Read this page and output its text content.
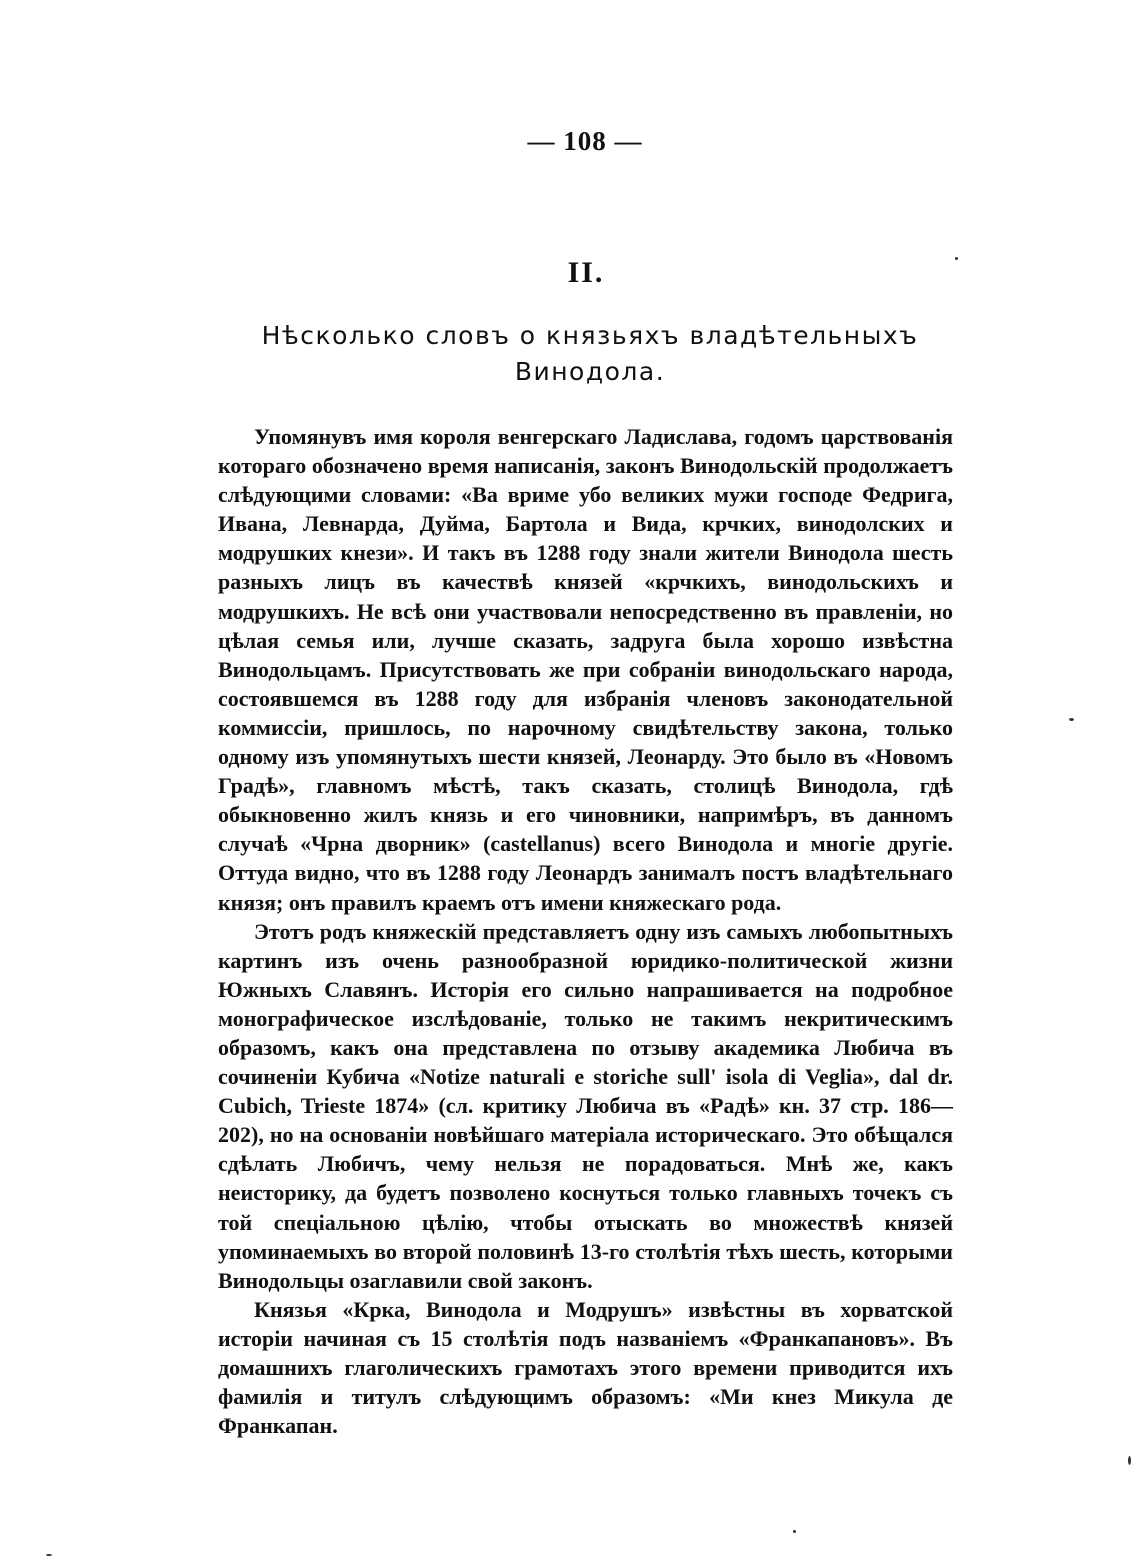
— 108 —
II.
Нѣсколько словъ о князьяхъ владѣтельныхъ Винодола.

Упомянувъ имя короля венгерскаго Ладислава, годомъ царствованія котораго обозначено время написанія, законъ Винодольскій продолжаетъ слѣдующими словами: «Ва вриме убо великих мужи господе Федрига, Ивана, Левнарда, Дуйма, Бартола и Вида, крчких, винодолских и модрушких кнези». И такъ въ 1288 году знали жители Винодола шесть разныхъ лицъ въ качествѣ князей «крчкихъ, винодольскихъ и модрушкихъ. Не всѣ они участвовали непосредственно въ правленіи, но цѣлая семья или, лучше сказать, задруга была хорошо извѣстна Винодольцамъ. Присутствовать же при собраніи винодольскаго народа, состоявшемся въ 1288 году для избранія членовъ законодательной коммиссіи, пришлось, по нарочному свидѣтельству закона, только одному изъ упомянутыхъ шести князей, Леонарду. Это было въ «Новомъ Градѣ», главномъ мѣстѣ, такъ сказать, столицѣ Винодола, гдѣ обыкновенно жилъ князь и его чиновники, напримѣръ, въ данномъ случаѣ «Чрна дворник» (castellanus) всего Винодола и многіе другіе. Оттуда видно, что въ 1288 году Леонардъ занималъ постъ владѣтельнаго князя; онъ правилъ краемъ отъ имени княжескаго рода.

Этотъ родъ княжескій представляетъ одну изъ самыхъ любопытныхъ картинъ изъ очень разнообразной юридико-политической жизни Южныхъ Славянъ. Исторія его сильно напрашивается на подробное монографическое изслѣдованіе, только не такимъ некритическимъ образомъ, какъ она представлена по отзыву академика Любича въ сочиненіи Кубича «Notize naturali e storiche sull' isola di Veglia», dal dr. Cubich, Trieste 1874» (сл. критику Любича въ «Радѣ» кн. 37 стр. 186—202), но на основаніи новѣйшаго матеріала историческаго. Это обѣщался сдѣлать Любичъ, чему нельзя не порадоваться. Мнѣ же, какъ неисторику, да будетъ позволено коснуться только главныхъ точекъ съ той спеціальною цѣлію, чтобы отыскать во множествѣ князей упоминаемыхъ во второй половинѣ 13-го столѣтія тѣхъ шесть, которыми Винодольцы озаглавили свой законъ.

Князья «Крка, Винодола и Модрушъ» извѣстны въ хорватской исторіи начиная съ 15 столѣтія подъ названіемъ «Франкапановъ». Въ домашнихъ глаголическихъ грамотахъ этого времени приводится ихъ фамилія и титулъ слѣдующимъ образомъ: «Ми кнез Микула де Франкапан.
